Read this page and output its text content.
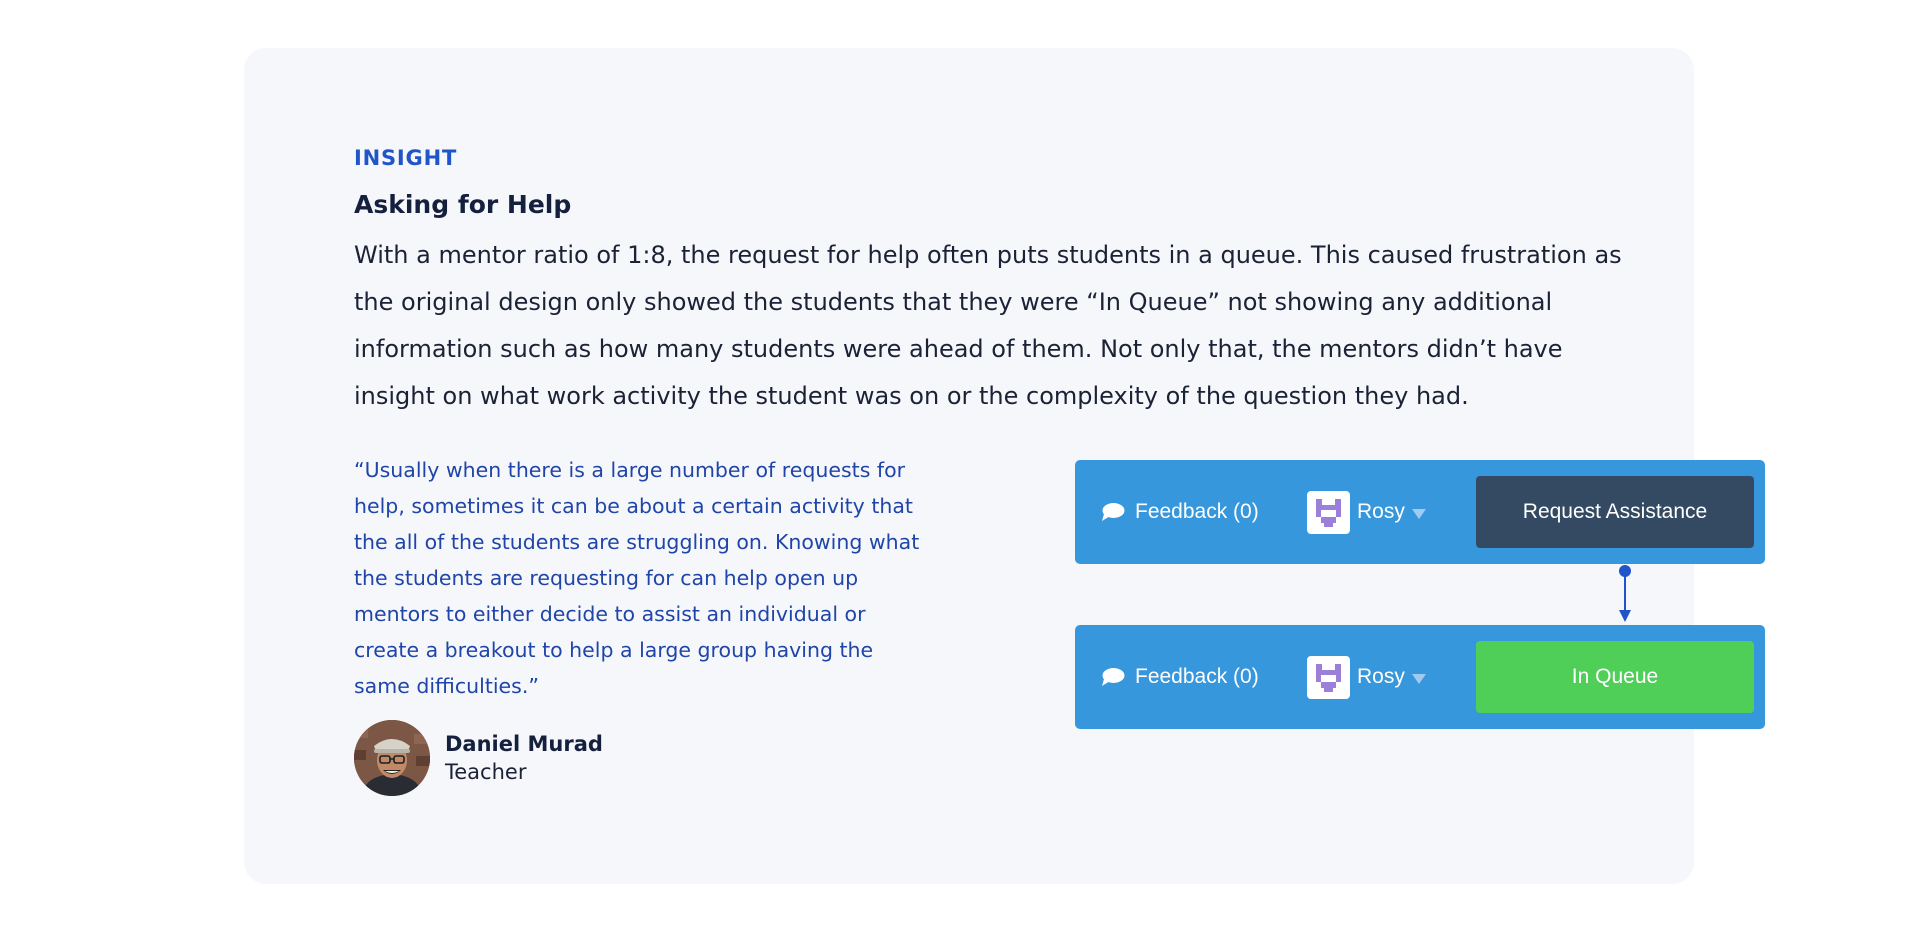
INSIGHT
Asking for Help
With a mentor ratio of 1:8, the request for help often puts students in a queue. This caused frustration as the original design only showed the students that they were “In Queue” not showing any additional information such as how many students were ahead of them. Not only that, the mentors didn’t have insight on what work activity the student was on or the complexity of the question they had.
“Usually when there is a large number of requests for help, sometimes it can be about a certain activity that the all of the students are struggling on. Knowing what the students are requesting for can help open up mentors to either decide to assist an individual or create a breakout to help a large group having the same difficulties.”
Daniel Murad
Teacher
Feedback (0)	Rosy	Request Assistance
Feedback (0)	Rosy	In Queue
